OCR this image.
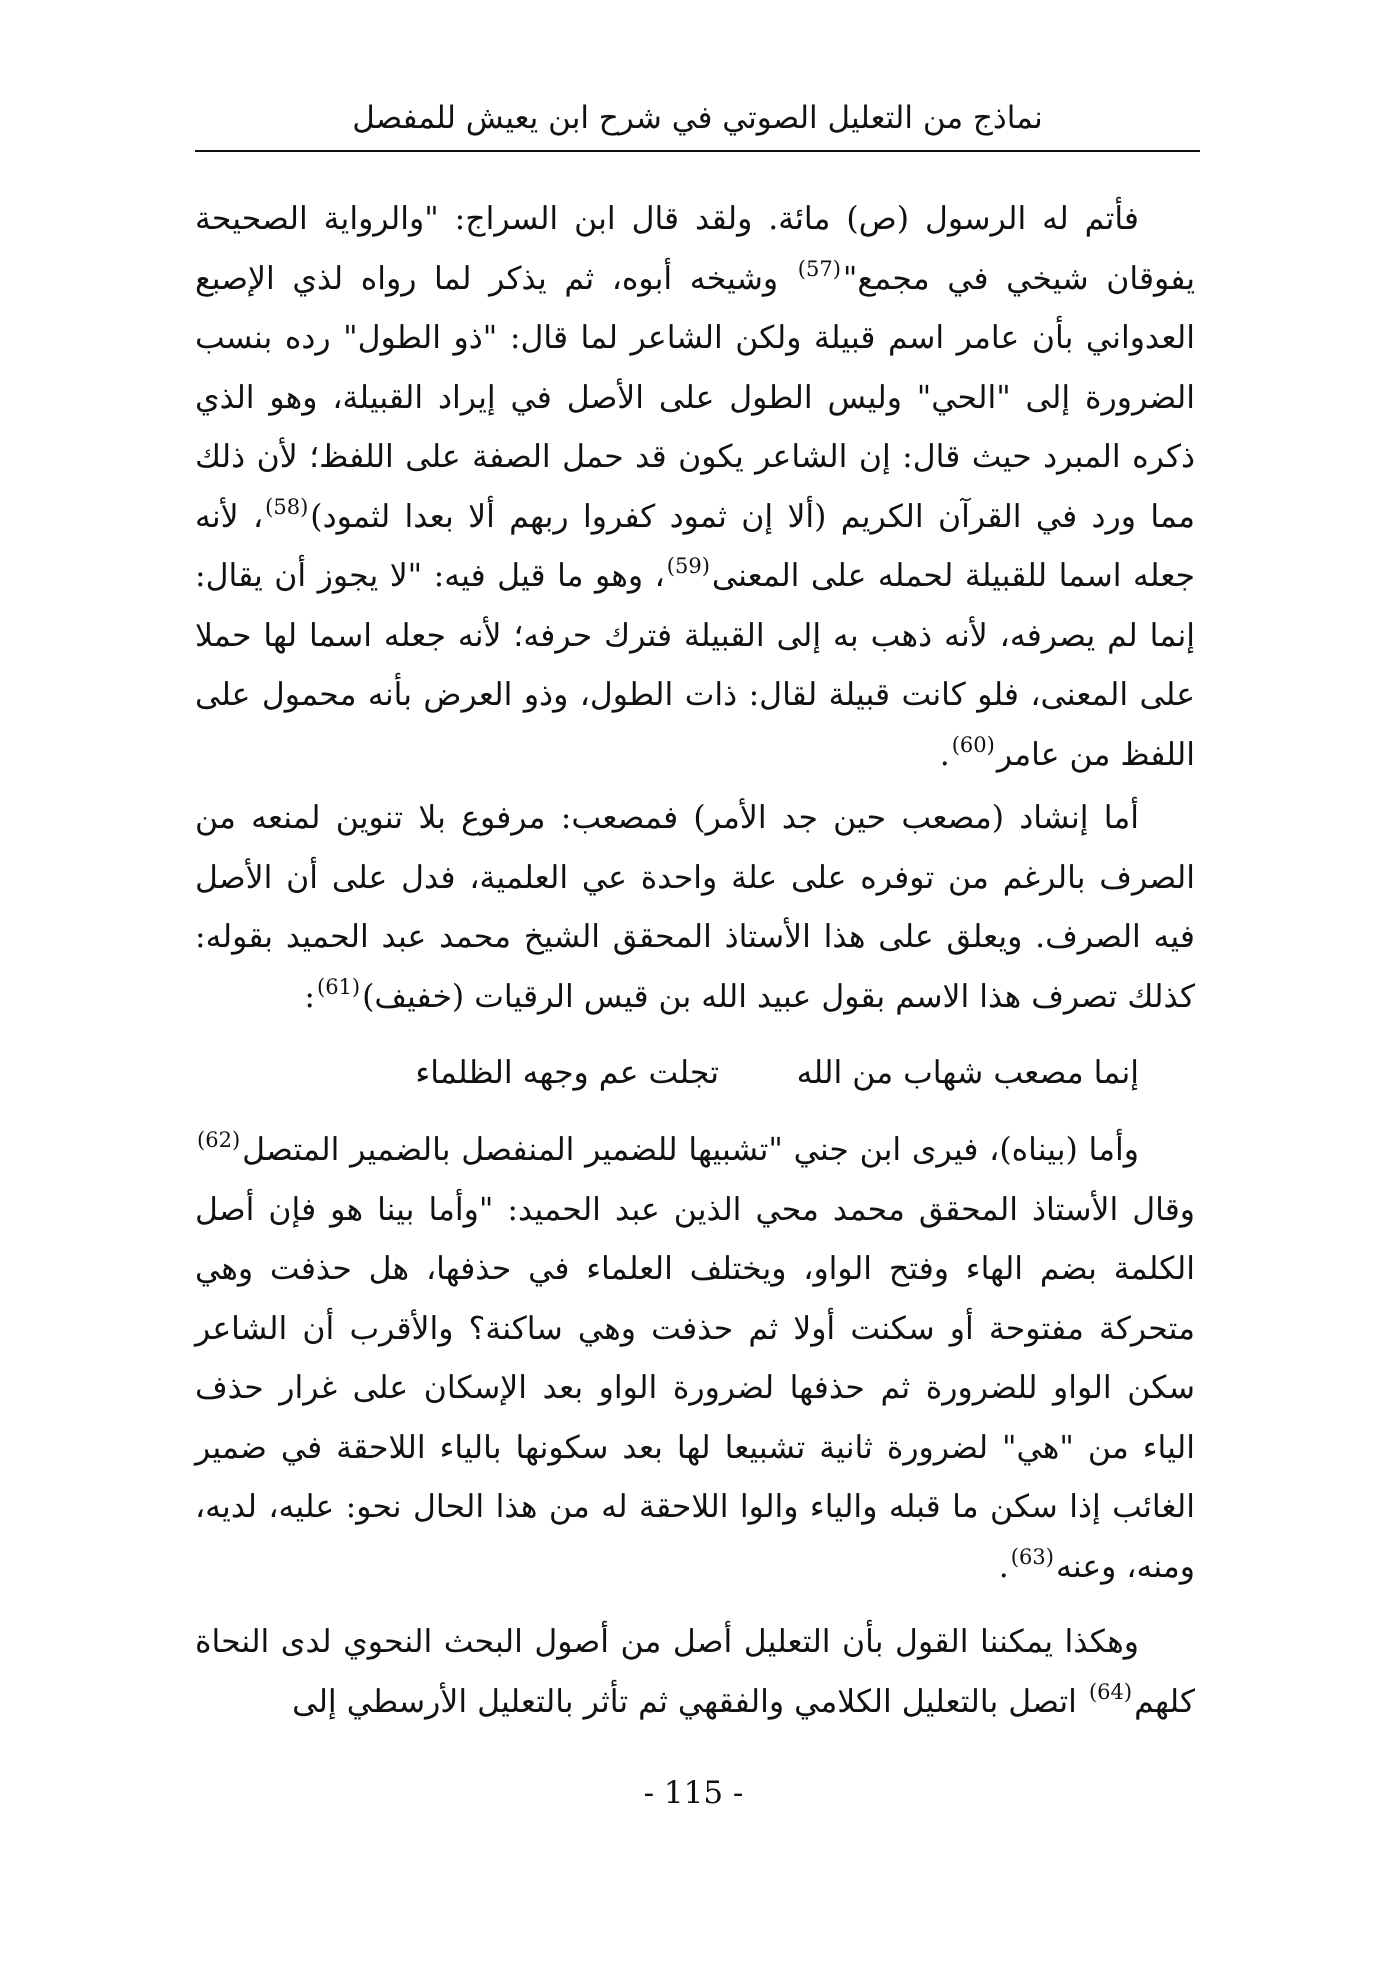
نماذج من التعليل الصوتي في شرح ابن يعيش للمفصل

فأتم له الرسول (ص) مائة. ولقد قال ابن السراج: "والرواية الصحيحة يفوقان شيخي في مجمع"$^{(57)}$ وشيخه أبوه، ثم يذكر لما رواه لذي الإصبع العدواني بأن عامر اسم قبيلة ولكن الشاعر لما قال: "ذو الطول" رده بنسب الضرورة إلى "الحي" وليس الطول على الأصل في إيراد القبيلة، وهو الذي ذكره المبرد حيث قال: إن الشاعر يكون قد حمل الصفة على اللفظ؛ لأن ذلك مما ورد في القرآن الكريم (ألا إن ثمود كفروا ربهم ألا بعدا لثمود)$^{(58)}$، لأنه جعله اسما للقبيلة لحمله على المعنى$^{(59)}$، وهو ما قيل فيه: "لا يجوز أن يقال: إنما لم يصرفه، لأنه ذهب به إلى القبيلة فترك حرفه؛ لأنه جعله اسما لها حملا على المعنى، فلو كانت قبيلة لقال: ذات الطول، وذو العرض بأنه محمول على اللفظ من عامر$^{(60)}$.

أما إنشاد (مصعب حين جد الأمر) فمصعب: مرفوع بلا تنوين لمنعه من الصرف بالرغم من توفره على علة واحدة عي العلمية، فدل على أن الأصل فيه الصرف. ويعلق على هذا الأستاذ المحقق الشيخ محمد عبد الحميد بقوله: كذلك تصرف هذا الاسم بقول عبيد الله بن قيس الرقيات (خفيف)$^{(61)}$:

إنما مصعب شهاب من الله
تجلت عم وجهه الظلماء

وأما (بيناه)، فيرى ابن جني "تشبيها للضمير المنفصل بالضمير المتصل$^{(62)}$ وقال الأستاذ المحقق محمد محي الذين عبد الحميد: "وأما بينا هو فإن أصل الكلمة بضم الهاء وفتح الواو، ويختلف العلماء في حذفها، هل حذفت وهي متحركة مفتوحة أو سكنت أولا ثم حذفت وهي ساكنة؟ والأقرب أن الشاعر سكن الواو للضرورة ثم حذفها لضرورة الواو بعد الإسكان على غرار حذف الياء من "هي" لضرورة ثانية تشبيعا لها بعد سكونها بالياء اللاحقة في ضمير الغائب إذا سكن ما قبله والياء والوا اللاحقة له من هذا الحال نحو: عليه، لديه، ومنه، وعنه$^{(63)}$.

وهكذا يمكننا القول بأن التعليل أصل من أصول البحث النحوي لدى النحاة كلهم$^{(64)}$ اتصل بالتعليل الكلامي والفقهي ثم تأثر بالتعليل الأرسطي إلى

- 115 -
